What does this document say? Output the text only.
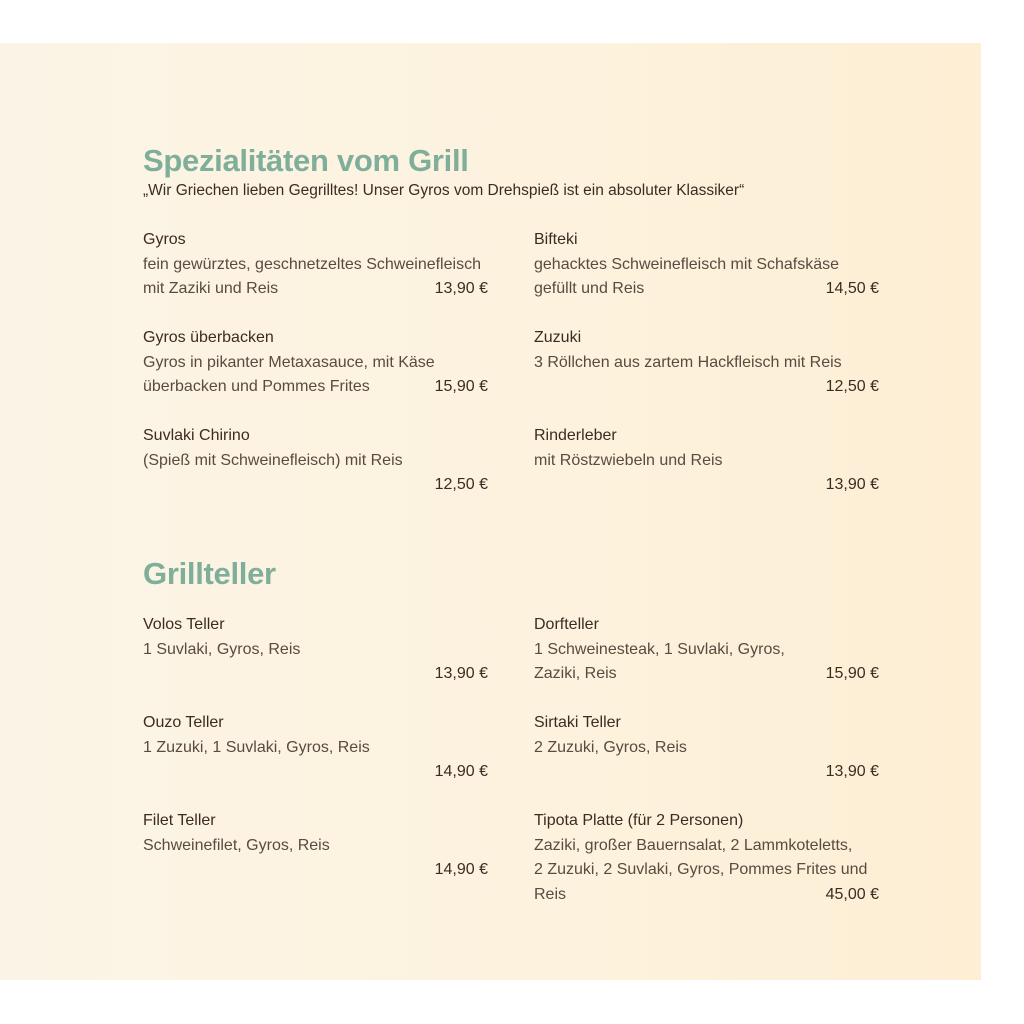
Spezialitäten vom Grill

„Wir Griechen lieben Gegrilltes! Unser Gyros vom Drehspieß ist ein absoluter Klassiker“

Gyros
fein gewürztes, geschnetzeltes Schweinefleisch
mit Zaziki und Reis	13,90 €
Bifteki
gehacktes Schweinefleisch mit Schafskäse
gefüllt und Reis	14,50 €
Gyros überbacken
Gyros in pikanter Metaxasauce, mit Käse
überbacken und Pommes Frites	15,90 €
Zuzuki
3 Röllchen aus zartem Hackfleisch mit Reis
12,50 €
Suvlaki Chirino
(Spieß mit Schweinefleisch) mit Reis
12,50 €
Rinderleber
mit Röstzwiebeln und Reis
13,90 €
Grillteller
Volos Teller
1 Suvlaki, Gyros, Reis
13,90 €
Dorfteller
1 Schweinesteak, 1 Suvlaki, Gyros,
Zaziki, Reis	15,90 €
Ouzo Teller
1 Zuzuki, 1 Suvlaki, Gyros, Reis
14,90 €
Sirtaki Teller
2 Zuzuki, Gyros, Reis
13,90 €
Filet Teller
Schweinefilet, Gyros, Reis
14,90 €
Tipota Platte (für 2 Personen)
Zaziki, großer Bauernsalat, 2 Lammkoteletts,
2 Zuzuki, 2 Suvlaki, Gyros, Pommes Frites und
Reis	45,00 €
